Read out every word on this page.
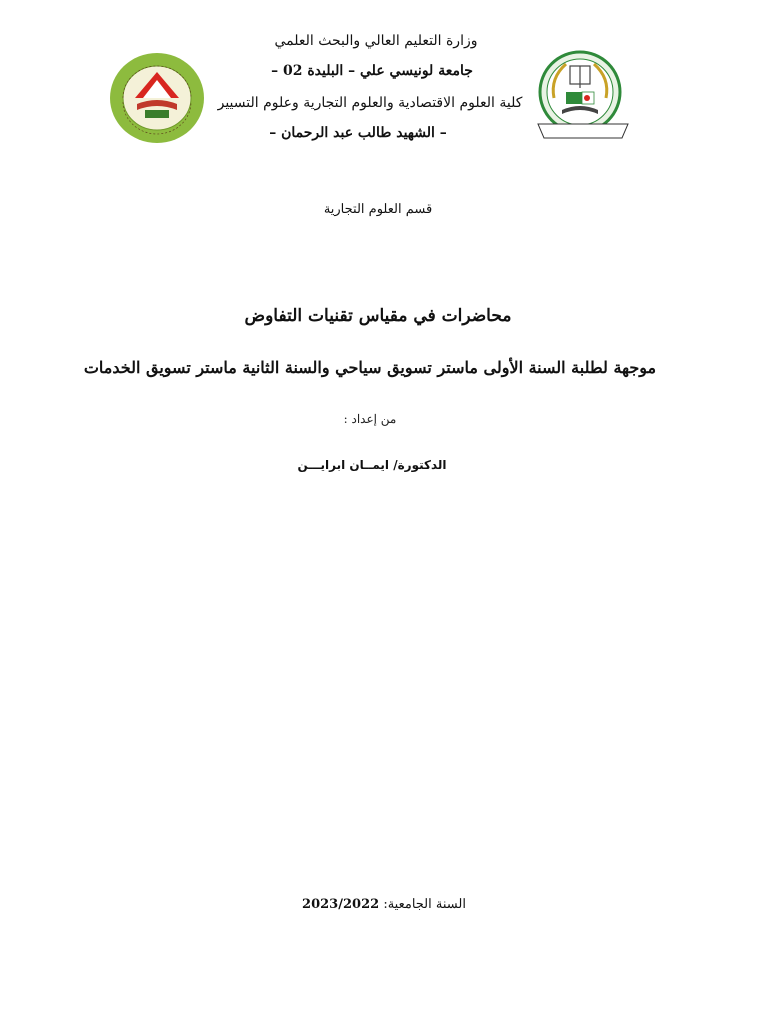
وزارة التعليم العالي والبحث العلمي
جامعة لونيسي علي – البليدة 02 –
كلية العلوم الاقتصادية والعلوم التجارية وعلوم التسيير
– الشهيد طالب عبد الرحمان –
قسم العلوم التجارية
محاضرات في مقياس تقنيات التفاوض
موجهة لطلبة السنة الأولى ماستر تسويق سياحي والسنة الثانية ماستر تسويق الخدمات
من إعداد :
الدكتورة/ ايمــان ابرايـــن
السنة الجامعية: 2023/2022
